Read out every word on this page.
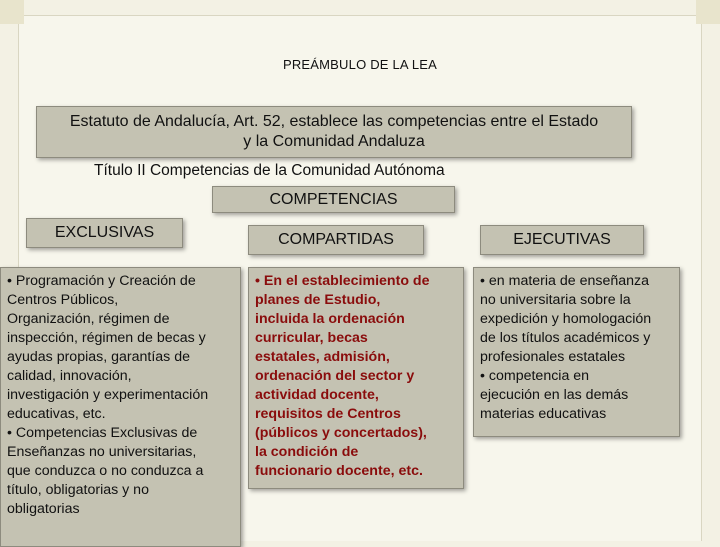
PREÁMBULO DE LA LEA
Estatuto de Andalucía, Art. 52, establece las competencias entre el Estado
y la Comunidad Andaluza
Título II Competencias de la Comunidad Autónoma
COMPETENCIAS
EXCLUSIVAS	COMPARTIDAS	EJECUTIVAS
• Programación y Creación de
Centros Públicos,
Organización, régimen de
inspección, régimen de becas y
ayudas propias, garantías de
calidad, innovación,
investigación y experimentación
educativas, etc.
• Competencias Exclusivas de
Enseñanzas no universitarias,
que conduzca o no conduzca a
título, obligatorias y no
obligatorias
• En el establecimiento de
planes de Estudio,
incluida la ordenación
curricular, becas
estatales, admisión,
ordenación del sector y
actividad docente,
requisitos de Centros
(públicos y concertados),
la condición de
funcionario docente, etc.
• en materia de enseñanza
no universitaria sobre la
expedición y homologación
de los títulos académicos y
profesionales estatales
• competencia en
ejecución en las demás
materias educativas
